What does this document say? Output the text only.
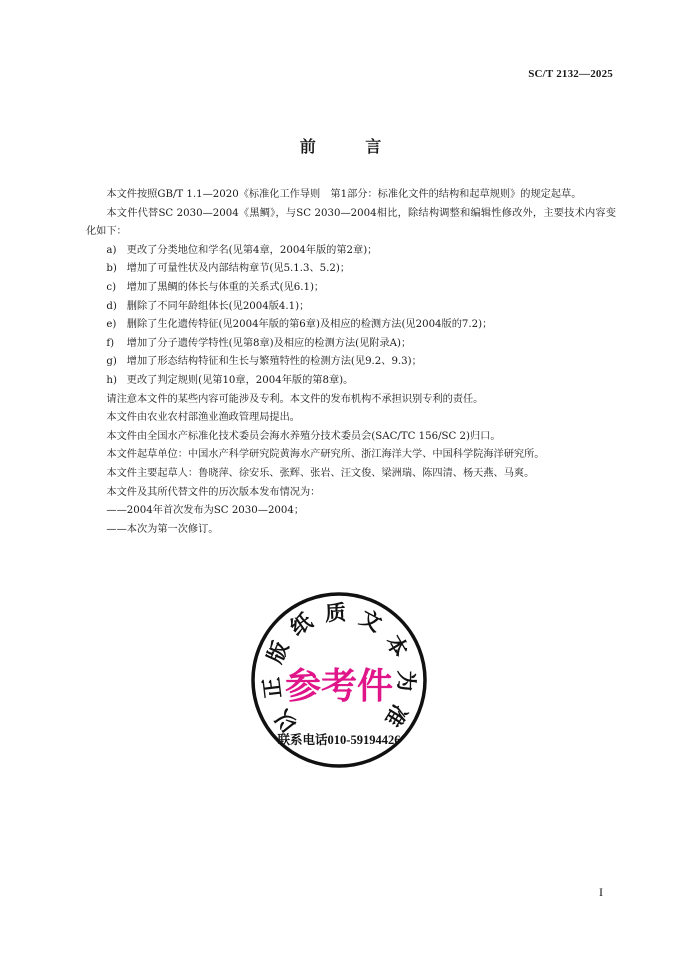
SC/T 2132—2025
前 言

本文件按照GB/T 1.1—2020《标准化工作导则　第1部分：标准化文件的结构和起草规则》的规定起草。

本文件代替SC 2030—2004《黑鲷》，与SC 2030—2004相比，除结构调整和编辑性修改外，主要技术内容变化如下：

a) 更改了分类地位和学名(见第4章，2004年版的第2章)；

b) 增加了可量性状及内部结构章节(见5.1.3、5.2)；

c) 增加了黑鲷的体长与体重的关系式(见6.1)；

d) 删除了不同年龄组体长(见2004版4.1)；

e) 删除了生化遗传特征(见2004年版的第6章)及相应的检测方法(见2004版的7.2)；

f) 增加了分子遗传学特性(见第8章)及相应的检测方法(见附录A)；

g) 增加了形态结构特征和生长与繁殖特性的检测方法(见9.2、9.3)；

h) 更改了判定规则(见第10章，2004年版的第8章)。

请注意本文件的某些内容可能涉及专利。本文件的发布机构不承担识别专利的责任。

本文件由农业农村部渔业渔政管理局提出。

本文件由全国水产标准化技术委员会海水养殖分技术委员会(SAC/TC 156/SC 2)归口。

本文件起草单位：中国水产科学研究院黄海水产研究所、浙江海洋大学、中国科学院海洋研究所。

本文件主要起草人：鲁晓萍、徐安乐、张辉、张岩、汪文俊、梁洲瑞、陈四清、杨天燕、马爽。

本文件及其所代替文件的历次版本发布情况为：

——2004年首次发布为SC 2030—2004；

——本次为第一次修订。

以
正
版
纸 质 文
本
为
准
参考件
联系电话010-59194426
I
